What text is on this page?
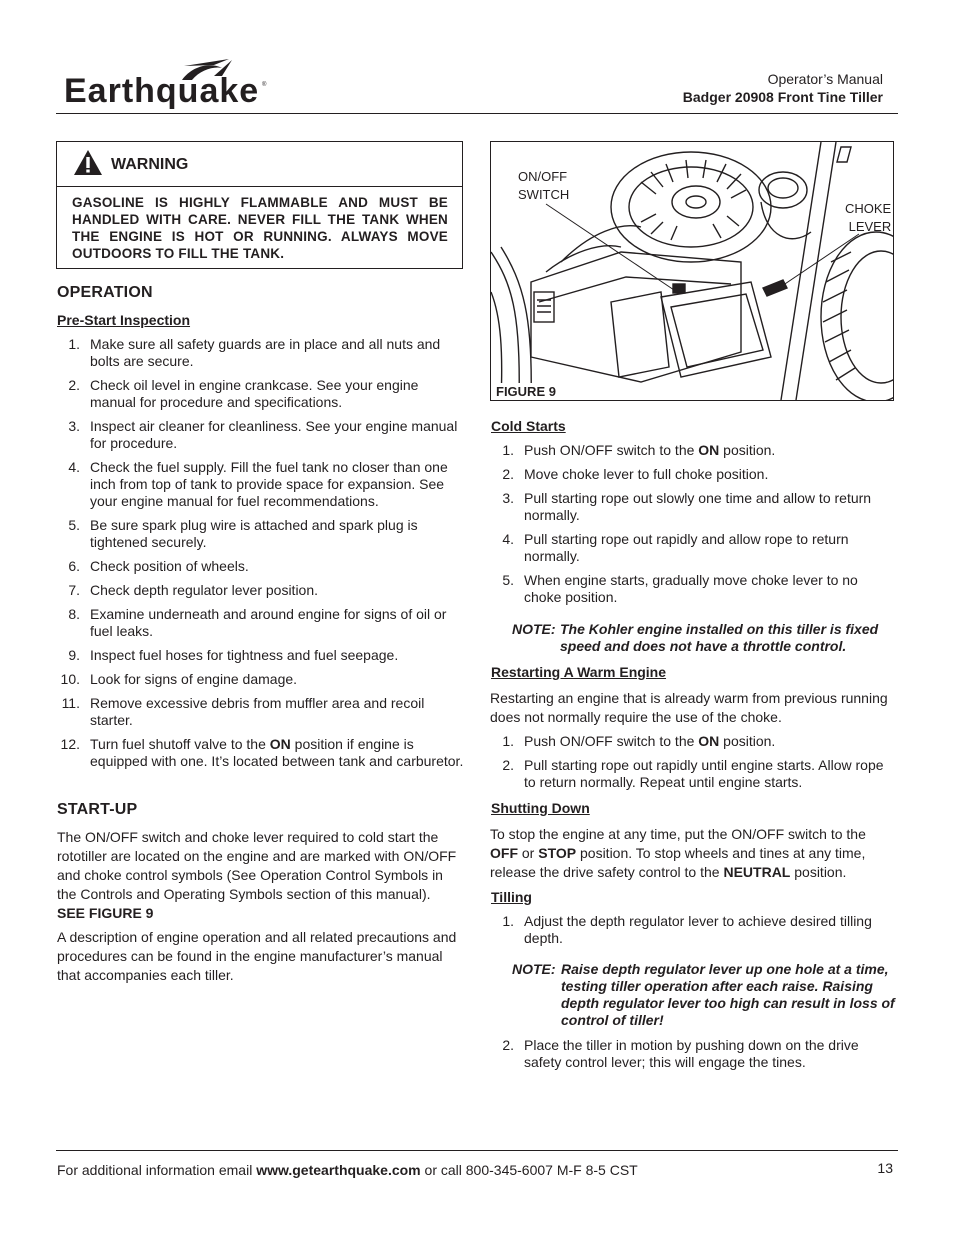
Earthquake ®	Operator’s Manual
Badger 20908 Front Tine Tiller
WARNING
GASOLINE IS HIGHLY FLAMMABLE AND MUST BE HANDLED WITH CARE. NEVER FILL THE TANK WHEN THE ENGINE IS HOT OR RUNNING. ALWAYS MOVE OUTDOORS TO FILL THE TANK.
OPERATION
Pre-Start Inspection
1. Make sure all safety guards are in place and all nuts and bolts are secure.
2. Check oil level in engine crankcase. See your engine manual for procedure and specifications.
3. Inspect air cleaner for cleanliness. See your engine manual for procedure.
4. Check the fuel supply. Fill the fuel tank no closer than one inch from top of tank to provide space for expansion. See your engine manual for fuel recommendations.
5. Be sure spark plug wire is attached and spark plug is tightened securely.
6. Check position of wheels.
7. Check depth regulator lever position.
8. Examine underneath and around engine for signs of oil or fuel leaks.
9. Inspect fuel hoses for tightness and fuel seepage.
10. Look for signs of engine damage.
11. Remove excessive debris from muffler area and recoil starter.
12. Turn fuel shutoff valve to the ON position if engine is equipped with one. It’s located between tank and carburetor.
START-UP

The ON/OFF switch and choke lever required to cold start the rototiller are located on the engine and are marked with ON/OFF and choke control symbols (See Operation Control Symbols in the Controls and Operating Symbols section of this manual).  SEE FIGURE 9

A description of engine operation and all related precautions and procedures can be found in the engine manufacturer’s manual that accompanies each tiller.

ON/OFF
SWITCH
CHOKE
LEVER
FIGURE 9
Cold Starts
1. Push ON/OFF switch to the ON position.
2. Move choke lever to full choke position.
3. Pull starting rope out slowly one time and allow to return normally.
4. Pull starting rope out rapidly and allow rope to return normally.
5. When engine starts, gradually move choke lever to no choke position.
NOTE: The Kohler engine installed on this tiller is fixed speed and does not have a throttle control.
Restarting A Warm Engine

Restarting an engine that is already warm from previous running does not normally require the use of the choke.

1. Push ON/OFF switch to the ON position.
2. Pull starting rope out rapidly until engine starts. Allow rope to return normally. Repeat until engine starts.
Shutting Down

To stop the engine at any time, put the ON/OFF switch to the OFF or STOP position. To stop wheels and tines at any time, release the drive safety control to the NEUTRAL position.

Tilling
1. Adjust the depth regulator lever to achieve desired tilling depth.
NOTE: Raise depth regulator lever up one hole at a time, testing tiller operation after each raise. Raising depth regulator lever too high can result in loss of control of tiller!
2. Place the tiller in motion by pushing down on the drive safety control lever; this will engage the tines.
For additional information email www.getearthquake.com or call 800-345-6007 M-F 8-5 CST	13
